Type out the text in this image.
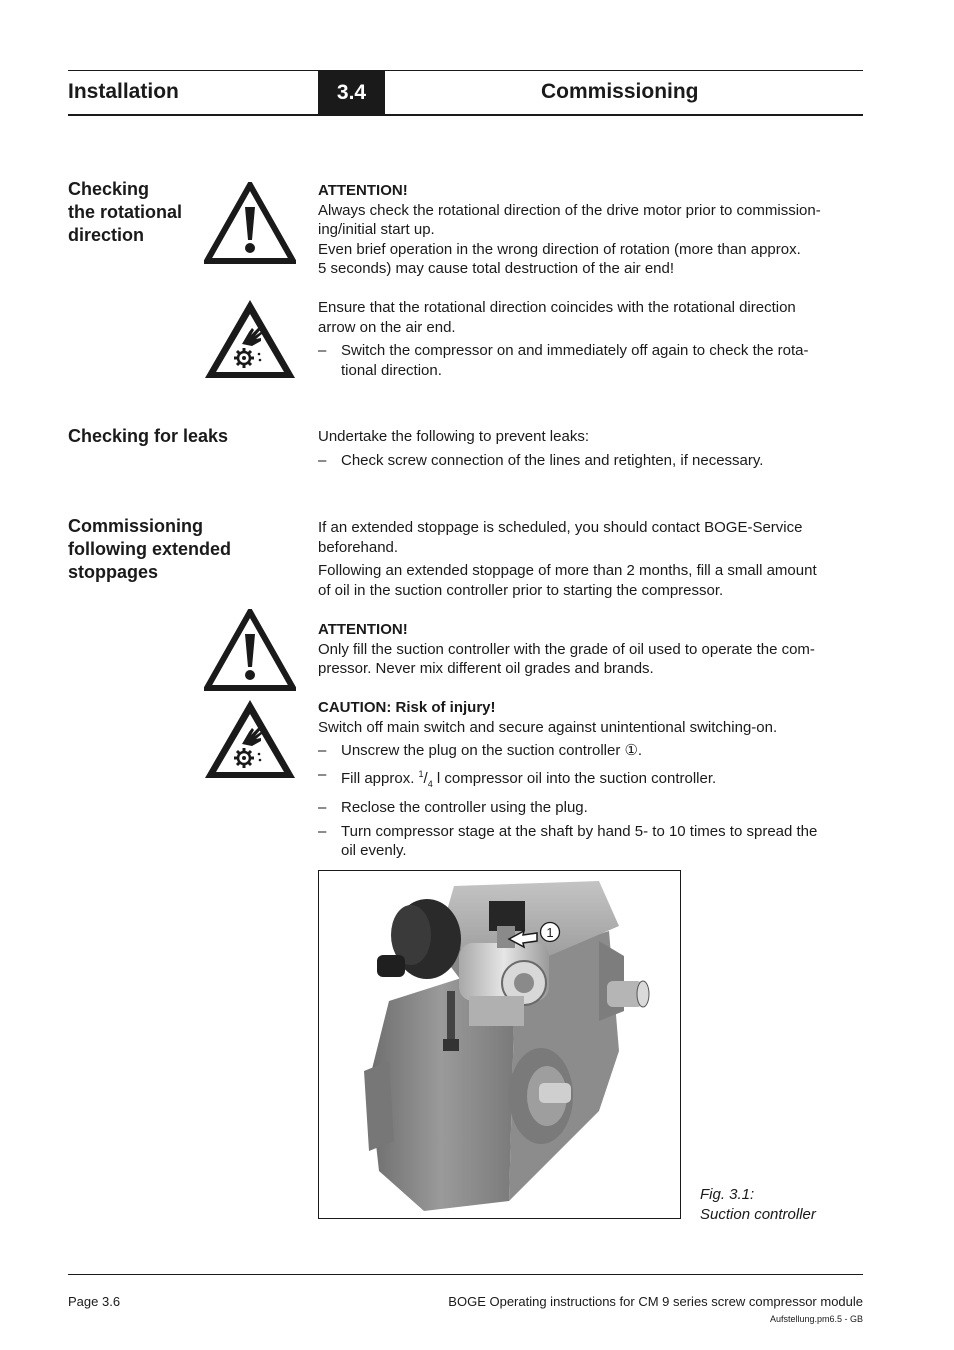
Installation	3.4	Commissioning
Checking
the rotational
direction
ATTENTION!
Always check the rotational direction of the drive motor prior to commission-
ing/initial start up.
Even brief operation in the wrong direction of rotation (more than approx.
5 seconds) may cause total destruction of the air end!
Ensure that the rotational direction coincides with the rotational direction
arrow on the air end.
– Switch the compressor on and immediately off again to check the rota-
tional direction.
Checking for leaks	Undertake the following to prevent leaks:
– Check screw connection of the lines and retighten, if necessary.
Commissioning
following extended
stoppages
If an extended stoppage is scheduled, you should contact BOGE-Service
beforehand.
Following an extended stoppage of more than 2 months, fill a small amount
of oil in the suction controller prior to starting the compressor.
ATTENTION!
Only fill the suction controller with the grade of oil used to operate the com-
pressor. Never mix different oil grades and brands.
CAUTION: Risk of injury!
Switch off main switch and secure against unintentional switching-on.
– Unscrew the plug on the suction controller ①.
– Fill approx. $^1/_4$ l compressor oil into the suction controller.
– Reclose the controller using the plug.
– Turn compressor stage at the shaft by hand 5- to 10 times to spread the
oil evenly.
1
Fig. 3.1:
Suction controller
Page 3.6	BOGE Operating instructions for CM 9 series screw compressor module
Aufstellung.pm6.5 - GB
